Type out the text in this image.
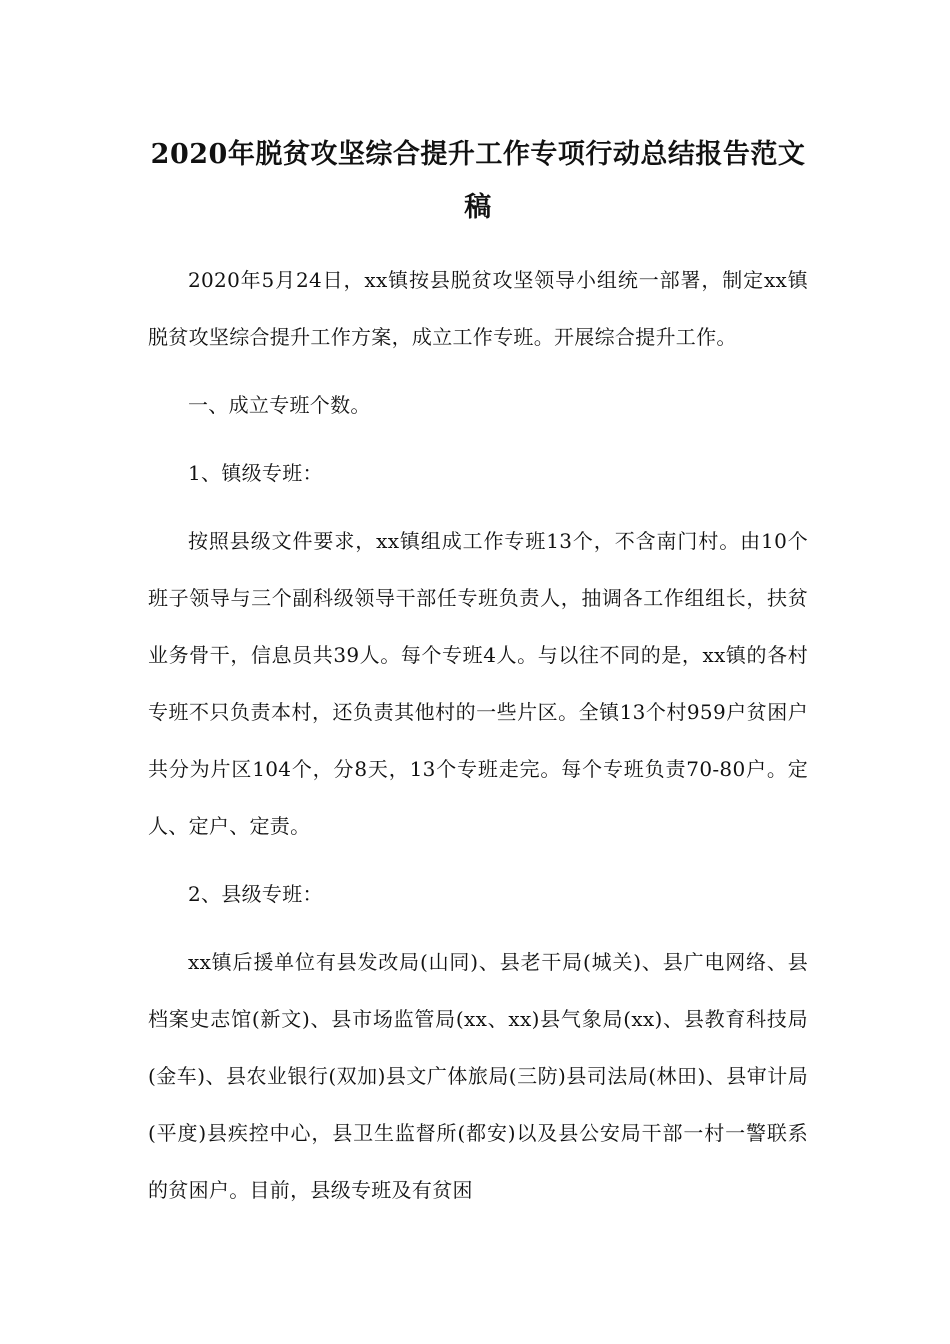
2020年脱贫攻坚综合提升工作专项行动总结报告范文稿

2020年5月24日，xx镇按县脱贫攻坚领导小组统一部署，制定xx镇脱贫攻坚综合提升工作方案，成立工作专班。开展综合提升工作。

一、成立专班个数。

1、镇级专班：

按照县级文件要求，xx镇组成工作专班13个，不含南门村。由10个班子领导与三个副科级领导干部任专班负责人，抽调各工作组组长，扶贫业务骨干，信息员共39人。每个专班4人。与以往不同的是，xx镇的各村专班不只负责本村，还负责其他村的一些片区。全镇13个村959户贫困户共分为片区104个，分8天，13个专班走完。每个专班负责70-80户。定人、定户、定责。

2、县级专班：

xx镇后援单位有县发改局(山同)、县老干局(城关)、县广电网络、县档案史志馆(新文)、县市场监管局(xx、xx)县气象局(xx)、县教育科技局(金车)、县农业银行(双加)县文广体旅局(三防)县司法局(林田)、县审计局(平度)县疾控中心，县卫生监督所(都安)以及县公安局干部一村一警联系的贫困户。目前，县级专班及有贫困
